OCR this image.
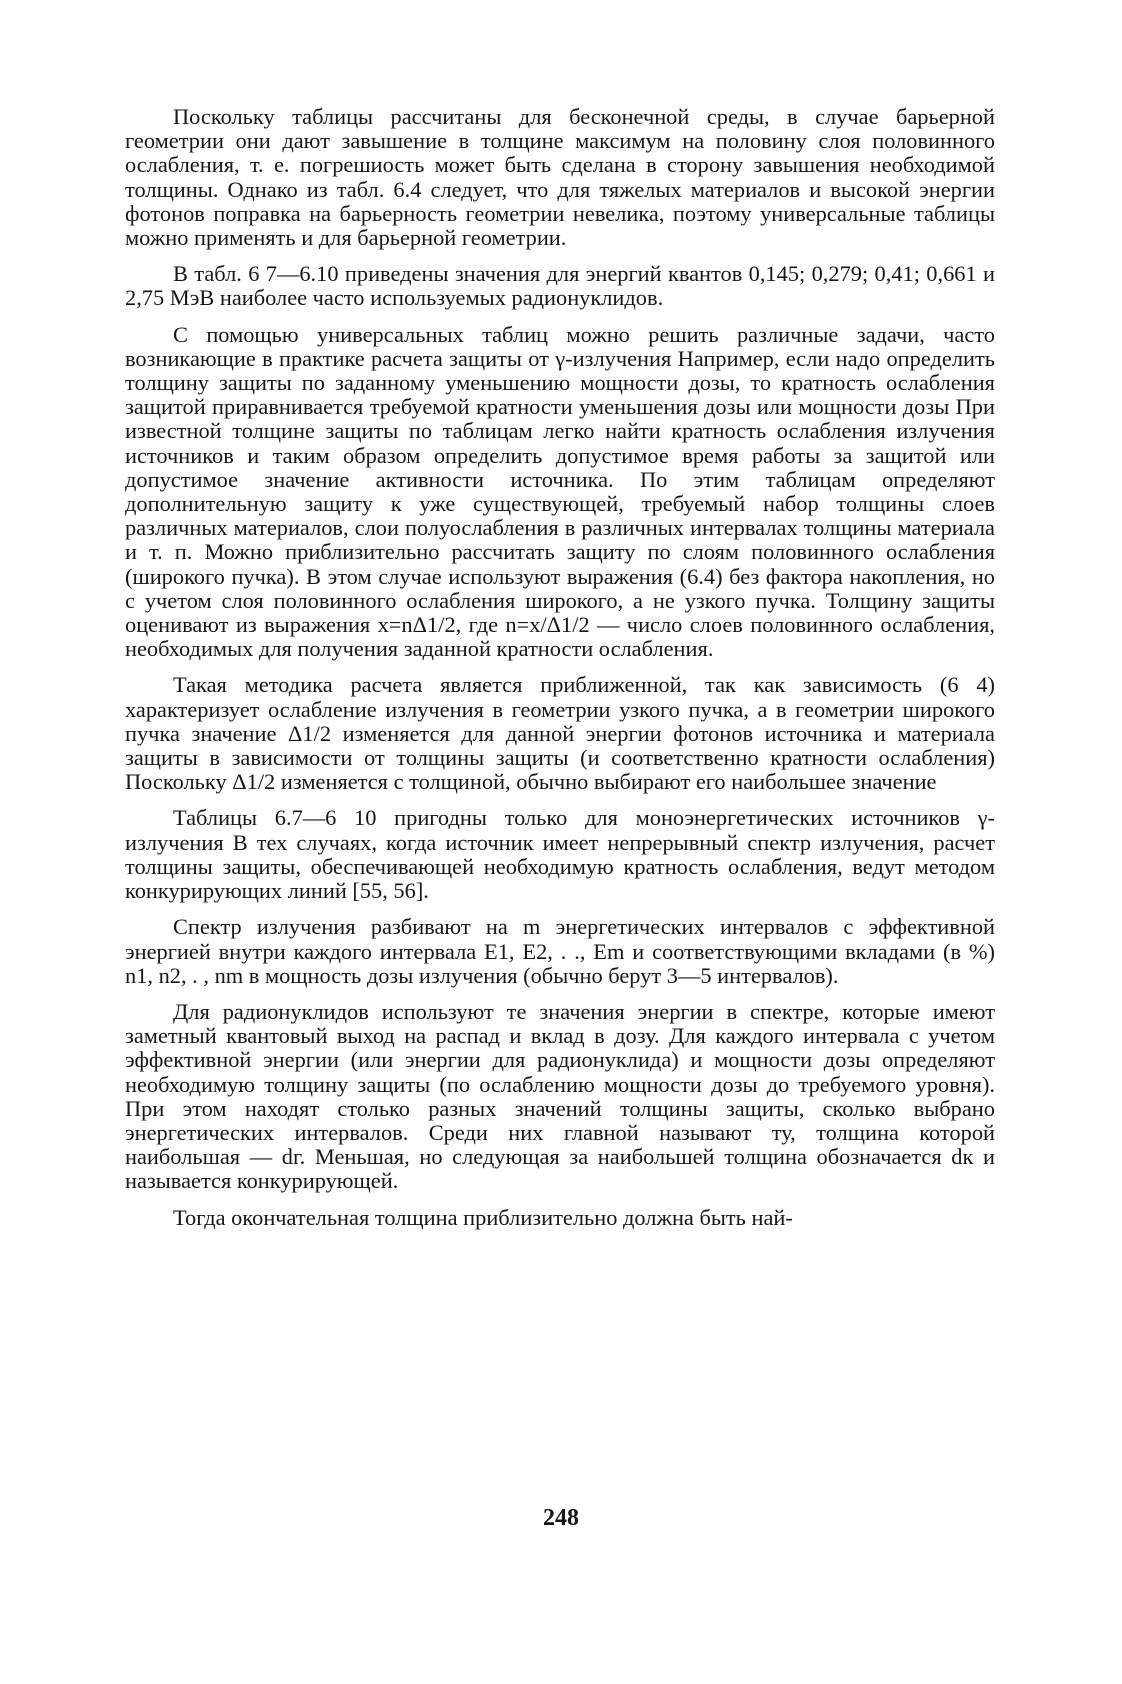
Поскольку таблицы рассчитаны для бесконечной среды, в случае барьерной геометрии они дают завышение в толщине максимум на половину слоя половинного ослабления, т. е. погрешиость может быть сделана в сторону завышения необходимой толщины. Однако из табл. 6.4 следует, что для тяжелых материалов и высокой энергии фотонов поправка на барьерность геометрии невелика, поэтому универсальные таблицы можно применять и для барьерной геометрии.

В табл. 6 7—6.10 приведены значения для энергий квантов 0,145; 0,279; 0,41; 0,661 и 2,75 МэВ наиболее часто используемых радионуклидов.

С помощью универсальных таблиц можно решить различные задачи, часто возникающие в практике расчета защиты от γ-излучения Например, если надо определить толщину защиты по заданному уменьшению мощности дозы, то кратность ослабления защитой приравнивается требуемой кратности уменьшения дозы или мощности дозы При известной толщине защиты по таблицам легко найти кратность ослабления излучения источников и таким образом определить допустимое время работы за защитой или допустимое значение активности источника. По этим таблицам определяют дополнительную защиту к уже существующей, требуемый набор толщины слоев различных материалов, слои полуослабления в различных интервалах толщины материала и т. п. Можно приблизительно рассчитать защиту по слоям половинного ослабления (широкого пучка). В этом случае используют выражения (6.4) без фактора накопления, но с учетом слоя половинного ослабления широкого, а не узкого пучка. Толщину защиты оценивают из выражения x=nΔ1/2, где n=x/Δ1/2 — число слоев половинного ослабления, необходимых для получения заданной кратности ослабления.

Такая методика расчета является приближенной, так как зависимость (6 4) характеризует ослабление излучения в геометрии узкого пучка, а в геометрии широкого пучка значение Δ1/2 изменяется для данной энергии фотонов источника и материала защиты в зависимости от толщины защиты (и соответственно кратности ослабления) Поскольку Δ1/2 изменяется с толщиной, обычно выбирают его наибольшее значение

Таблицы 6.7—6 10 пригодны только для моноэнергетических источников γ-излучения В тех случаях, когда источник имеет непрерывный спектр излучения, расчет толщины защиты, обеспечивающей необходимую кратность ослабления, ведут методом конкурирующих линий [55, 56].

Спектр излучения разбивают на m энергетических интервалов с эффективной энергией внутри каждого интервала E1, E2, . ., Em и соответствующими вкладами (в %) n1, n2, . , nm в мощность дозы излучения (обычно берут 3—5 интервалов).

Для радионуклидов используют те значения энергии в спектре, которые имеют заметный квантовый выход на распад и вклад в дозу. Для каждого интервала с учетом эффективной энергии (или энергии для радионуклида) и мощности дозы определяют необходимую толщину защиты (по ослаблению мощности дозы до требуемого уровня). При этом находят столько разных значений толщины защиты, сколько выбрано энергетических интервалов. Среди них главной называют ту, толщина которой наибольшая — dг. Меньшая, но следующая за наибольшей толщина обозначается dк и называется конкурирующей.

Тогда окончательная толщина приблизительно должна быть най-

248
